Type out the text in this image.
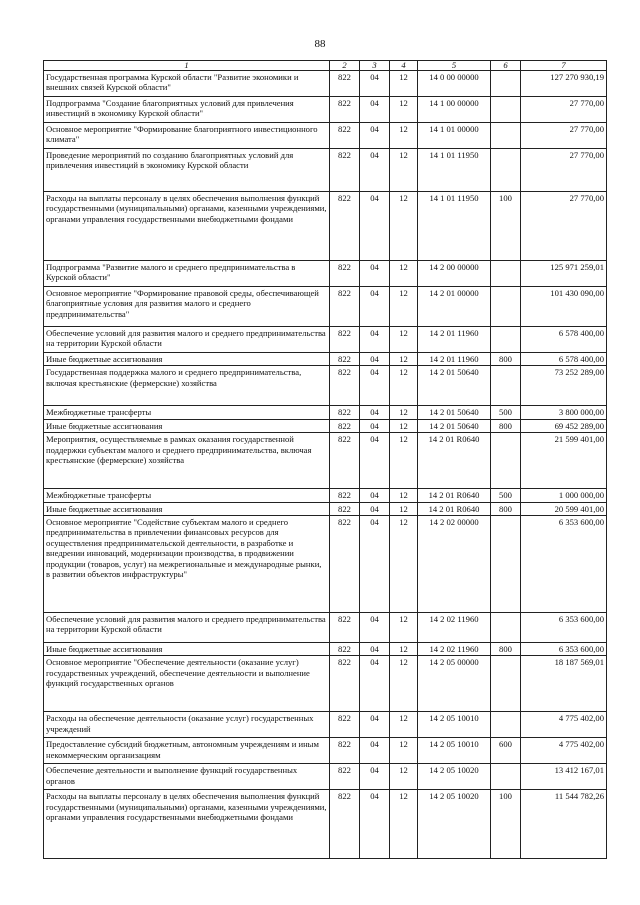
88
1	2	3	4	5	6	7
Государственная программа Курской области "Развитие экономики и внешних связей Курской области"	822	04	12	14 0 00 00000		127 270 930,19
Подпрограмма "Создание благоприятных условий для привлечения инвестиций в экономику Курской области"	822	04	12	14 1 00 00000		27 770,00
Основное мероприятие "Формирование благоприятного инвестиционного климата"	822	04	12	14 1 01 00000		27 770,00
Проведение мероприятий по созданию благоприятных условий для привлечения инвестиций в экономику Курской области	822	04	12	14 1 01 11950		27 770,00
Расходы на выплаты персоналу в целях обеспечения выполнения функций государственными (муниципальными) органами, казенными учреждениями, органами управления государственными внебюджетными фондами	822	04	12	14 1 01 11950	100	27 770,00
Подпрограмма "Развитие малого и среднего предпринимательства в Курской области"	822	04	12	14 2 00 00000		125 971 259,01
Основное мероприятие "Формирование правовой среды, обеспечивающей благоприятные условия для развития малого и среднего предпринимательства"	822	04	12	14 2 01 00000		101 430 090,00
Обеспечение условий для развития малого и среднего предпринимательства на территории Курской области	822	04	12	14 2 01 11960		6 578 400,00
Иные бюджетные ассигнования	822	04	12	14 2 01 11960	800	6 578 400,00
Государственная поддержка малого и среднего предпринимательства, включая крестьянские (фермерские) хозяйства	822	04	12	14 2 01 50640		73 252 289,00
Межбюджетные трансферты	822	04	12	14 2 01 50640	500	3 800 000,00
Иные бюджетные ассигнования	822	04	12	14 2 01 50640	800	69 452 289,00
Мероприятия, осуществляемые в рамках оказания государственной поддержки субъектам малого и среднего предпринимательства, включая крестьянские (фермерские) хозяйства	822	04	12	14 2 01 R0640		21 599 401,00
Межбюджетные трансферты	822	04	12	14 2 01 R0640	500	1 000 000,00
Иные бюджетные ассигнования	822	04	12	14 2 01 R0640	800	20 599 401,00
Основное мероприятие "Содействие субъектам малого и среднего предпринимательства в привлечении финансовых ресурсов для осуществления предпринимательской деятельности, в разработке и внедрении инноваций, модернизации производства, в продвижении продукции (товаров, услуг) на межрегиональные и международные рынки, в развитии объектов инфраструктуры"	822	04	12	14 2 02 00000		6 353 600,00
Обеспечение условий для развития малого и среднего предпринимательства на территории Курской области	822	04	12	14 2 02 11960		6 353 600,00
Иные бюджетные ассигнования	822	04	12	14 2 02 11960	800	6 353 600,00
Основное мероприятие "Обеспечение деятельности (оказание услуг) государственных учреждений, обеспечение деятельности и выполнение функций государственных органов	822	04	12	14 2 05 00000		18 187 569,01
Расходы на обеспечение деятельности (оказание услуг) государственных учреждений	822	04	12	14 2 05 10010		4 775 402,00
Предоставление субсидий бюджетным, автономным учреждениям и иным некоммерческим организациям	822	04	12	14 2 05 10010	600	4 775 402,00
Обеспечение деятельности и выполнение функций государственных органов	822	04	12	14 2 05 10020		13 412 167,01
Расходы на выплаты персоналу в целях обеспечения выполнения функций государственными (муниципальными) органами, казенными учреждениями, органами управления государственными внебюджетными фондами	822	04	12	14 2 05 10020	100	11 544 782,26
